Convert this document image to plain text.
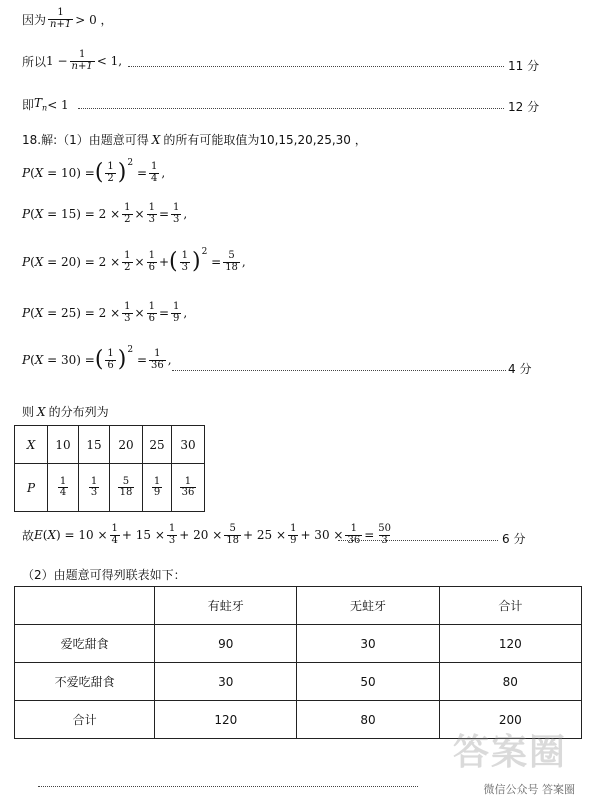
因为 $\frac{1}{n+1} > 0$ ，
所以 $1 - \frac{1}{n+1} < 1$,	11 分
即 $T_n < 1$	12 分
18.解:（1）由题意可得 X 的所有可能取值为10,15,20,25,30 ，
P(X = 10) = ( $\frac{1}{2}$ ) 2
= $\frac{1}{4}$ ,
$P(X = 15) = 2 \times \frac{1}{2} \times \frac{1}{3} = \frac{1}{3}$ ,
$P(X = 20) = 2 \times \frac{1}{2} \times \frac{1}{6}$ + ( $\frac{1}{3}$ ) 2
= $\frac{5}{18}$ ,
$P(X = 25) = 2 \times \frac{1}{3} \times \frac{1}{6} = \frac{1}{9}$ ,
P(X = 30) = ( $\frac{1}{6}$ ) 2
= $\frac{1}{36}$ ,
4 分
则 X 的分布列为
X	10	15	20	25	30	
P	$\frac{1}{4}$	$\frac{1}{3}$	$\frac{5}{18}$	$\frac{1}{9}$	$\frac{1}{36}$

故 $E(X) = 10 \times \frac{1}{4} + 15 \times \frac{1}{3} + 20 \times \frac{5}{18} + 25 \times \frac{1}{9} + 30 \times \frac{1}{36} = \frac{50}{3}$	6 分
（2）由题意可得列联表如下：
	有蛀牙	无蛀牙	合计
爱吃甜食	90	30	120
不爱吃甜食	30	50	80
合计	120	80	200
答案圈
微信公众号 答案圈
